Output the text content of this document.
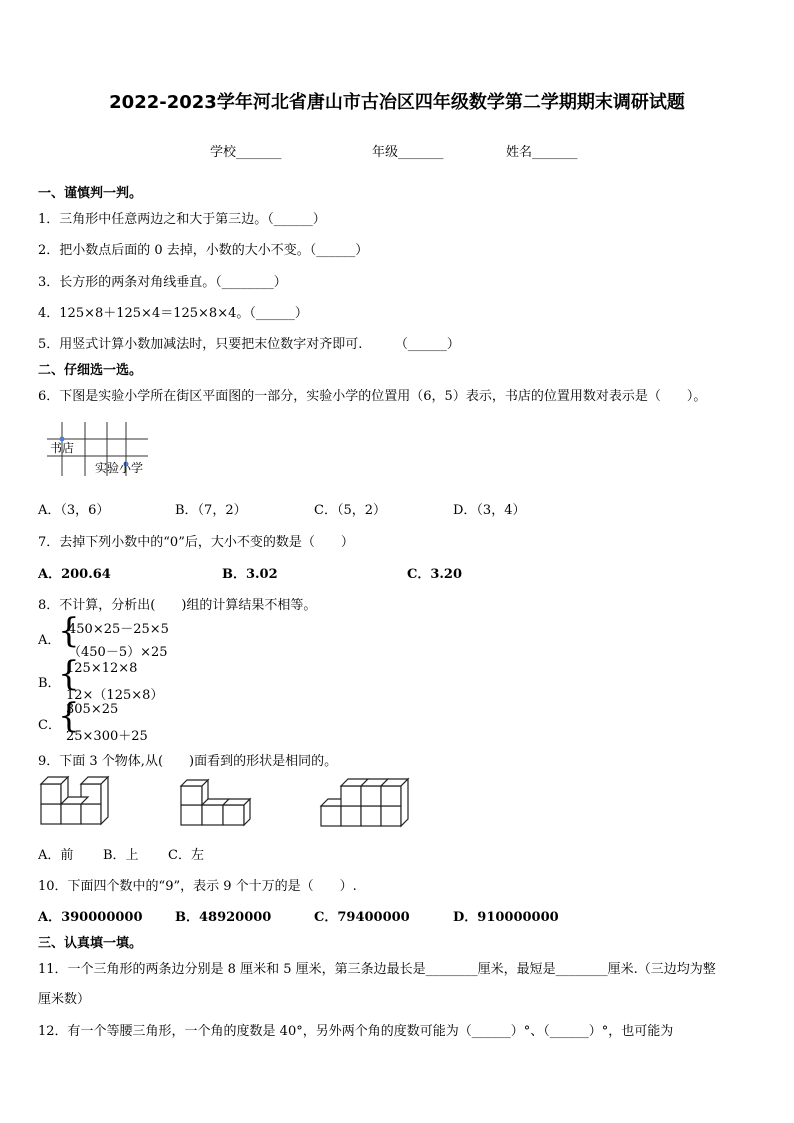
2022-2023学年河北省唐山市古冶区四年级数学第二学期期末调研试题
学校_______	年级_______	姓名_______
一、谨慎判一判。
1．三角形中任意两边之和大于第三边。（______）
2．把小数点后面的 0 去掉，小数的大小不变。（______）
3．长方形的两条对角线垂直。（________）
4．125×8＋125×4＝125×8×4。（______）
5．用竖式计算小数加减法时，只要把末位数字对齐即可.　　　（______）
二、仔细选一选。
6．下图是实验小学所在街区平面图的一部分，实验小学的位置用（6，5）表示，书店的位置用数对表示是（　　）。
书店
实验小学
A．（3，6）	B．（7，2）	C．（5，2）	D．（3，4）
7．去掉下列小数中的“0”后，大小不变的数是（　　）
A．200.64	B．3.02	C．3.20
8．不计算，分析出(　　)组的计算结果不相等。
A．
{
450×25－25×5
（450－5）×25
B．
{
125×12×8
12×（125×8）
C．
{
305×25
25×300＋25
9．下面 3 个物体,从(　　)面看到的形状是相同的。
A．前 B．上 C．左
10．下面四个数中的“9”，表示 9 个十万的是（　　）.
A．390000000	B．48920000	C．79400000	D．910000000
三、认真填一填。
11．一个三角形的两条边分别是 8 厘米和 5 厘米，第三条边最长是________厘米，最短是________厘米.（三边均为整
厘米数）
12．有一个等腰三角形，一个角的度数是 40°，另外两个角的度数可能为（______）°、（______）°，也可能为
